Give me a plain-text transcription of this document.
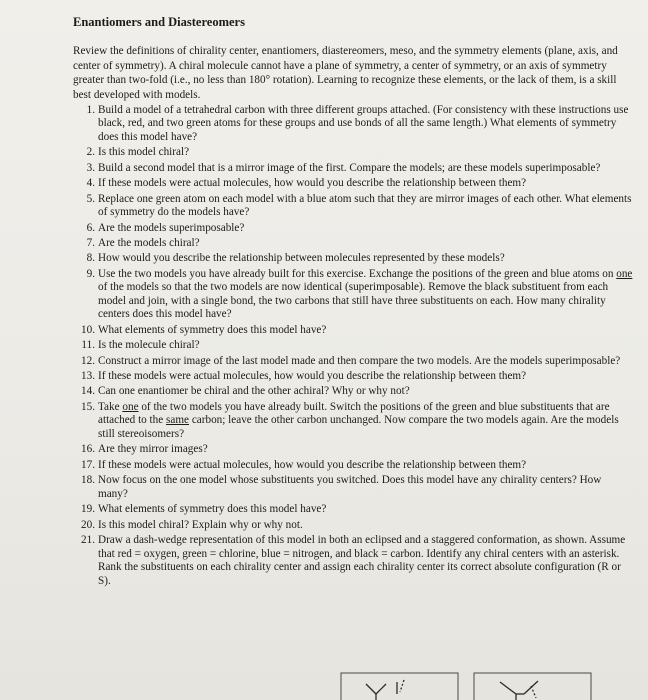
Enantiomers and Diastereomers

Review the definitions of chirality center, enantiomers, diastereomers, meso, and the symmetry elements (plane, axis, and center of symmetry). A chiral molecule cannot have a plane of symmetry, a center of symmetry, or an axis of symmetry greater than two-fold (i.e., no less than 180° rotation). Learning to recognize these elements, or the lack of them, is a skill best developed with models.

1. Build a model of a tetrahedral carbon with three different groups attached. (For consistency with these instructions use black, red, and two green atoms for these groups and use bonds of all the same length.) What elements of symmetry does this model have?
2. Is this model chiral?
3. Build a second model that is a mirror image of the first. Compare the models; are these models superimposable?
4. If these models were actual molecules, how would you describe the relationship between them?
5. Replace one green atom on each model with a blue atom such that they are mirror images of each other. What elements of symmetry do the models have?
6. Are the models superimposable?
7. Are the models chiral?
8. How would you describe the relationship between molecules represented by these models?
9. Use the two models you have already built for this exercise. Exchange the positions of the green and blue atoms on one of the models so that the two models are now identical (superimposable). Remove the black substituent from each model and join, with a single bond, the two carbons that still have three substituents on each. How many chirality centers does this model have?
10. What elements of symmetry does this model have?
11. Is the molecule chiral?
12. Construct a mirror image of the last model made and then compare the two models. Are the models superimposable?
13. If these models were actual molecules, how would you describe the relationship between them?
14. Can one enantiomer be chiral and the other achiral? Why or why not?
15. Take one of the two models you have already built. Switch the positions of the green and blue substituents that are attached to the same carbon; leave the other carbon unchanged. Now compare the two models again. Are the models still stereoisomers?
16. Are they mirror images?
17. If these models were actual molecules, how would you describe the relationship between them?
18. Now focus on the one model whose substituents you switched. Does this model have any chirality centers? How many?
19. What elements of symmetry does this model have?
20. Is this model chiral? Explain why or why not.
21. Draw a dash-wedge representation of this model in both an eclipsed and a staggered conformation, as shown. Assume that red = oxygen, green = chlorine, blue = nitrogen, and black = carbon. Identify any chiral centers with an asterisk. Rank the substituents on each chirality center and assign each chirality center its correct absolute configuration (R or S).
